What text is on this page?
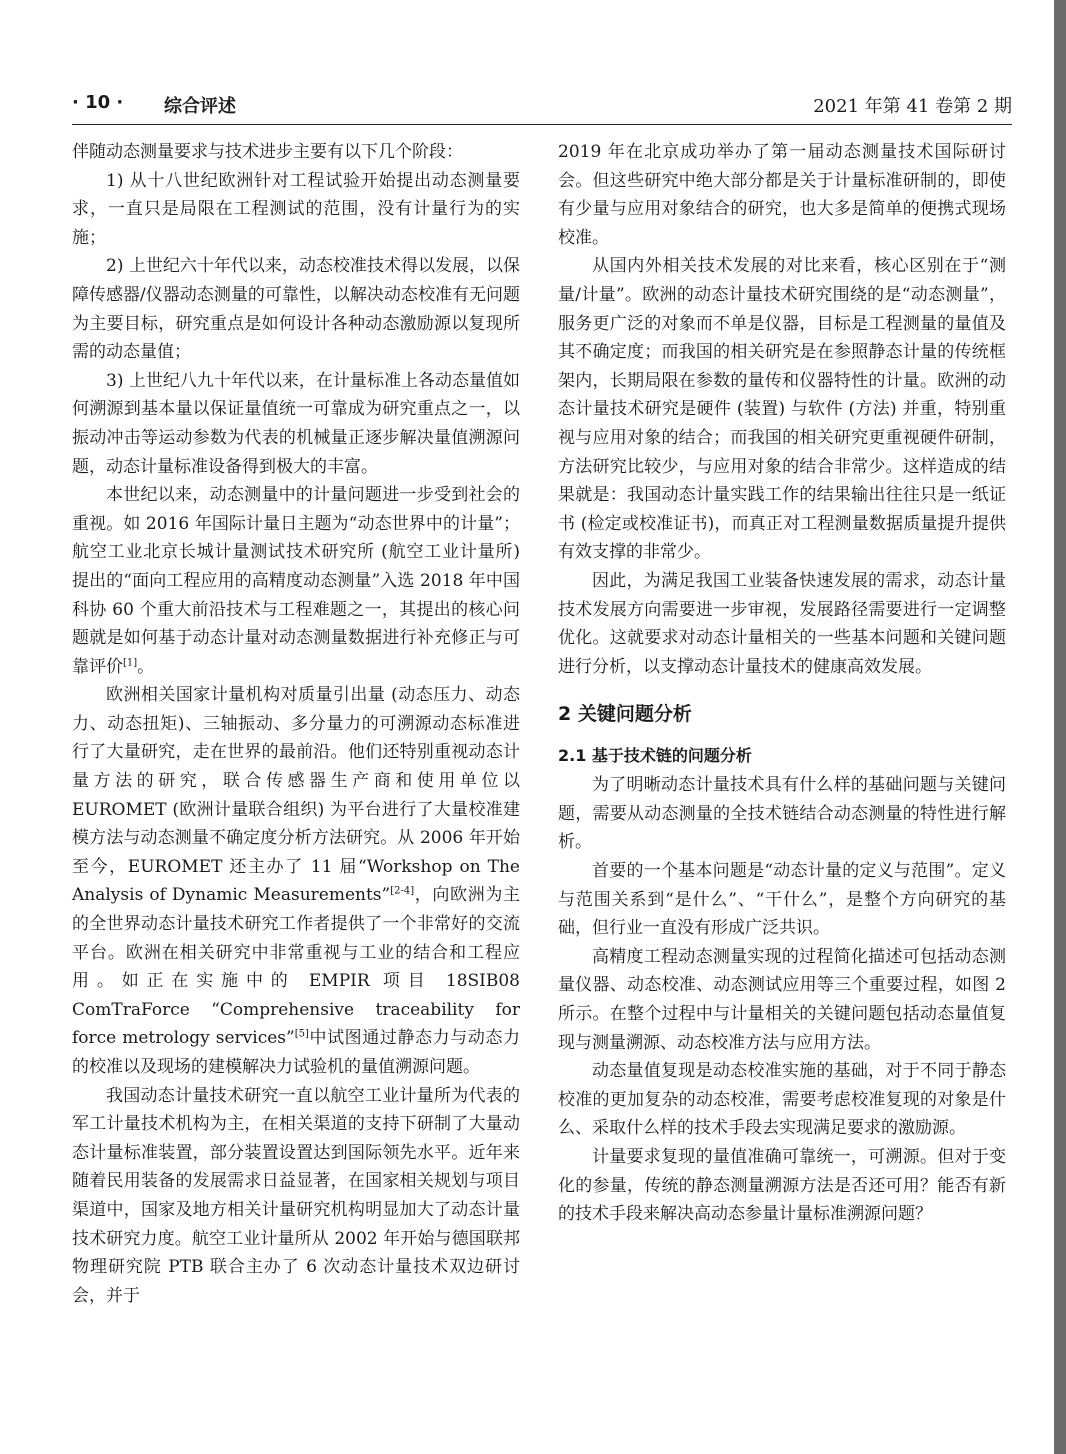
· 10 · 综合评述	2021 年第 41 卷第 2 期

伴随动态测量要求与技术进步主要有以下几个阶段：

1) 从十八世纪欧洲针对工程试验开始提出动态测量要求，一直只是局限在工程测试的范围，没有计量行为的实施；

2) 上世纪六十年代以来，动态校准技术得以发展，以保障传感器/仪器动态测量的可靠性，以解决动态校准有无问题为主要目标，研究重点是如何设计各种动态激励源以复现所需的动态量值；

3) 上世纪八九十年代以来，在计量标准上各动态量值如何溯源到基本量以保证量值统一可靠成为研究重点之一，以振动冲击等运动参数为代表的机械量正逐步解决量值溯源问题，动态计量标准设备得到极大的丰富。

本世纪以来，动态测量中的计量问题进一步受到社会的重视。如 2016 年国际计量日主题为“动态世界中的计量”；航空工业北京长城计量测试技术研究所 (航空工业计量所) 提出的“面向工程应用的高精度动态测量”入选 2018 年中国科协 60 个重大前沿技术与工程难题之一，其提出的核心问题就是如何基于动态计量对动态测量数据进行补充修正与可靠评价[1]。

欧洲相关国家计量机构对质量引出量 (动态压力、动态力、动态扭矩)、三轴振动、多分量力的可溯源动态标准进行了大量研究，走在世界的最前沿。他们还特别重视动态计量方法的研究，联合传感器生产商和使用单位以 EUROMET (欧洲计量联合组织) 为平台进行了大量校准建模方法与动态测量不确定度分析方法研究。从 2006 年开始至今，EUROMET 还主办了 11 届“Workshop on The Analysis of Dynamic Measurements”[2-4]，向欧洲为主的全世界动态计量技术研究工作者提供了一个非常好的交流平台。欧洲在相关研究中非常重视与工业的结合和工程应用。如正在实施中的 EMPIR 项目 18SIB08 ComTraForce “Comprehensive traceability for force metrology services”[5]中试图通过静态力与动态力的校准以及现场的建模解决力试验机的量值溯源问题。

我国动态计量技术研究一直以航空工业计量所为代表的军工计量技术机构为主，在相关渠道的支持下研制了大量动态计量标准装置，部分装置设置达到国际领先水平。近年来随着民用装备的发展需求日益显著，在国家相关规划与项目渠道中，国家及地方相关计量研究机构明显加大了动态计量技术研究力度。航空工业计量所从 2002 年开始与德国联邦物理研究院 PTB 联合主办了 6 次动态计量技术双边研讨会，并于

2019 年在北京成功举办了第一届动态测量技术国际研讨会。但这些研究中绝大部分都是关于计量标准研制的，即使有少量与应用对象结合的研究，也大多是简单的便携式现场校准。

从国内外相关技术发展的对比来看，核心区别在于“测量/计量”。欧洲的动态计量技术研究围绕的是“动态测量”，服务更广泛的对象而不单是仪器，目标是工程测量的量值及其不确定度；而我国的相关研究是在参照静态计量的传统框架内，长期局限在参数的量传和仪器特性的计量。欧洲的动态计量技术研究是硬件 (装置) 与软件 (方法) 并重，特别重视与应用对象的结合；而我国的相关研究更重视硬件研制，方法研究比较少，与应用对象的结合非常少。这样造成的结果就是：我国动态计量实践工作的结果输出往往只是一纸证书 (检定或校准证书)，而真正对工程测量数据质量提升提供有效支撑的非常少。

因此，为满足我国工业装备快速发展的需求，动态计量技术发展方向需要进一步审视，发展路径需要进行一定调整优化。这就要求对动态计量相关的一些基本问题和关键问题进行分析，以支撑动态计量技术的健康高效发展。

2 关键问题分析
2.1 基于技术链的问题分析

为了明晰动态计量技术具有什么样的基础问题与关键问题，需要从动态测量的全技术链结合动态测量的特性进行解析。

首要的一个基本问题是“动态计量的定义与范围”。定义与范围关系到“是什么”、“干什么”，是整个方向研究的基础，但行业一直没有形成广泛共识。

高精度工程动态测量实现的过程简化描述可包括动态测量仪器、动态校准、动态测试应用等三个重要过程，如图 2 所示。在整个过程中与计量相关的关键问题包括动态量值复现与测量溯源、动态校准方法与应用方法。

动态量值复现是动态校准实施的基础，对于不同于静态校准的更加复杂的动态校准，需要考虑校准复现的对象是什么、采取什么样的技术手段去实现满足要求的激励源。

计量要求复现的量值准确可靠统一，可溯源。但对于变化的参量，传统的静态测量溯源方法是否还可用？能否有新的技术手段来解决高动态参量计量标准溯源问题？
